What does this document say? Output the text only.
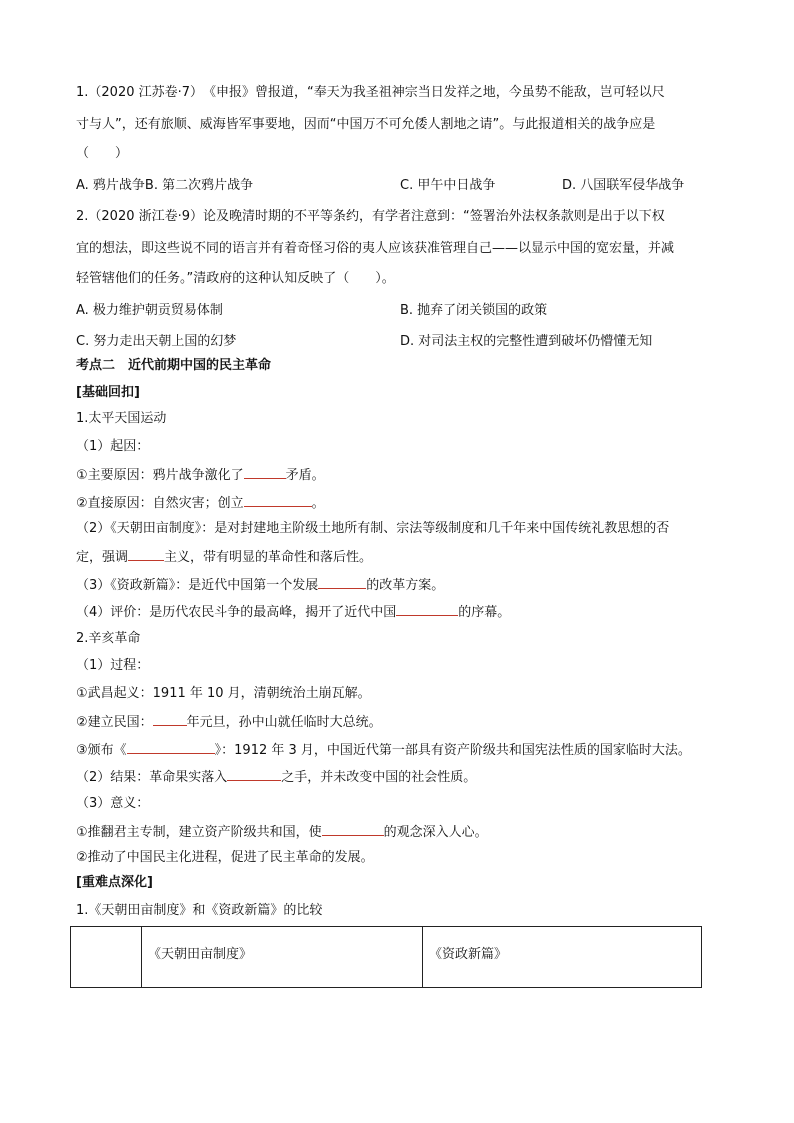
1.（2020 江苏卷·7）　《申报》曾报道，“奉天为我圣祖神宗当日发祥之地，今虽势不能敌，岂可轻以尺
寸与人”，还有旅顺、威海皆军事要地，因而“中国万不可允倭人割地之请”。与此报道相关的战争应是
（　　）
A. 鸦片战争B. 第二次鸦片战争	C. 甲午中日战争	D. 八国联军侵华战争
2.（2020 浙江卷·9）论及晚清时期的不平等条约，有学者注意到：“签署治外法权条款则是出于以下权
宜的想法，即这些说不同的语言并有着奇怪习俗的夷人应该获准管理自己——以显示中国的宽宏量，并减
轻管辖他们的任务。”清政府的这种认知反映了（　　）。
A. 极力维护朝贡贸易体制	B. 抛弃了闭关锁国的政策
C. 努力走出天朝上国的幻梦	D. 对司法主权的完整性遭到破坏仍懵懂无知
考点二　近代前期中国的民主革命
[基础回扣]
1.太平天国运动
（1）起因：
①主要原因：鸦片战争激化了	矛盾。
②直接原因：自然灾害；创立	。
（2）《天朝田亩制度》：是对封建地主阶级土地所有制、宗法等级制度和几千年来中国传统礼教思想的否
定，强调	主义，带有明显的革命性和落后性。
（3）《资政新篇》：是近代中国第一个发展	的改革方案。
（4）评价：是历代农民斗争的最高峰，揭开了近代中国	的序幕。
2.辛亥革命
（1）过程：
①武昌起义：1911 年 10 月，清朝统治土崩瓦解。
②建立民国：	年元旦，孙中山就任临时大总统。
③颁布《	》：1912 年 3 月，中国近代第一部具有资产阶级共和国宪法性质的国家临时大法。
（2）结果：革命果实落入	之手，并未改变中国的社会性质。
（3）意义：
①推翻君主专制，建立资产阶级共和国，使	的观念深入人心。
②推动了中国民主化进程，促进了民主革命的发展。
[重难点深化]
1.《天朝田亩制度》和《资政新篇》的比较
	《天朝田亩制度》	《资政新篇》
